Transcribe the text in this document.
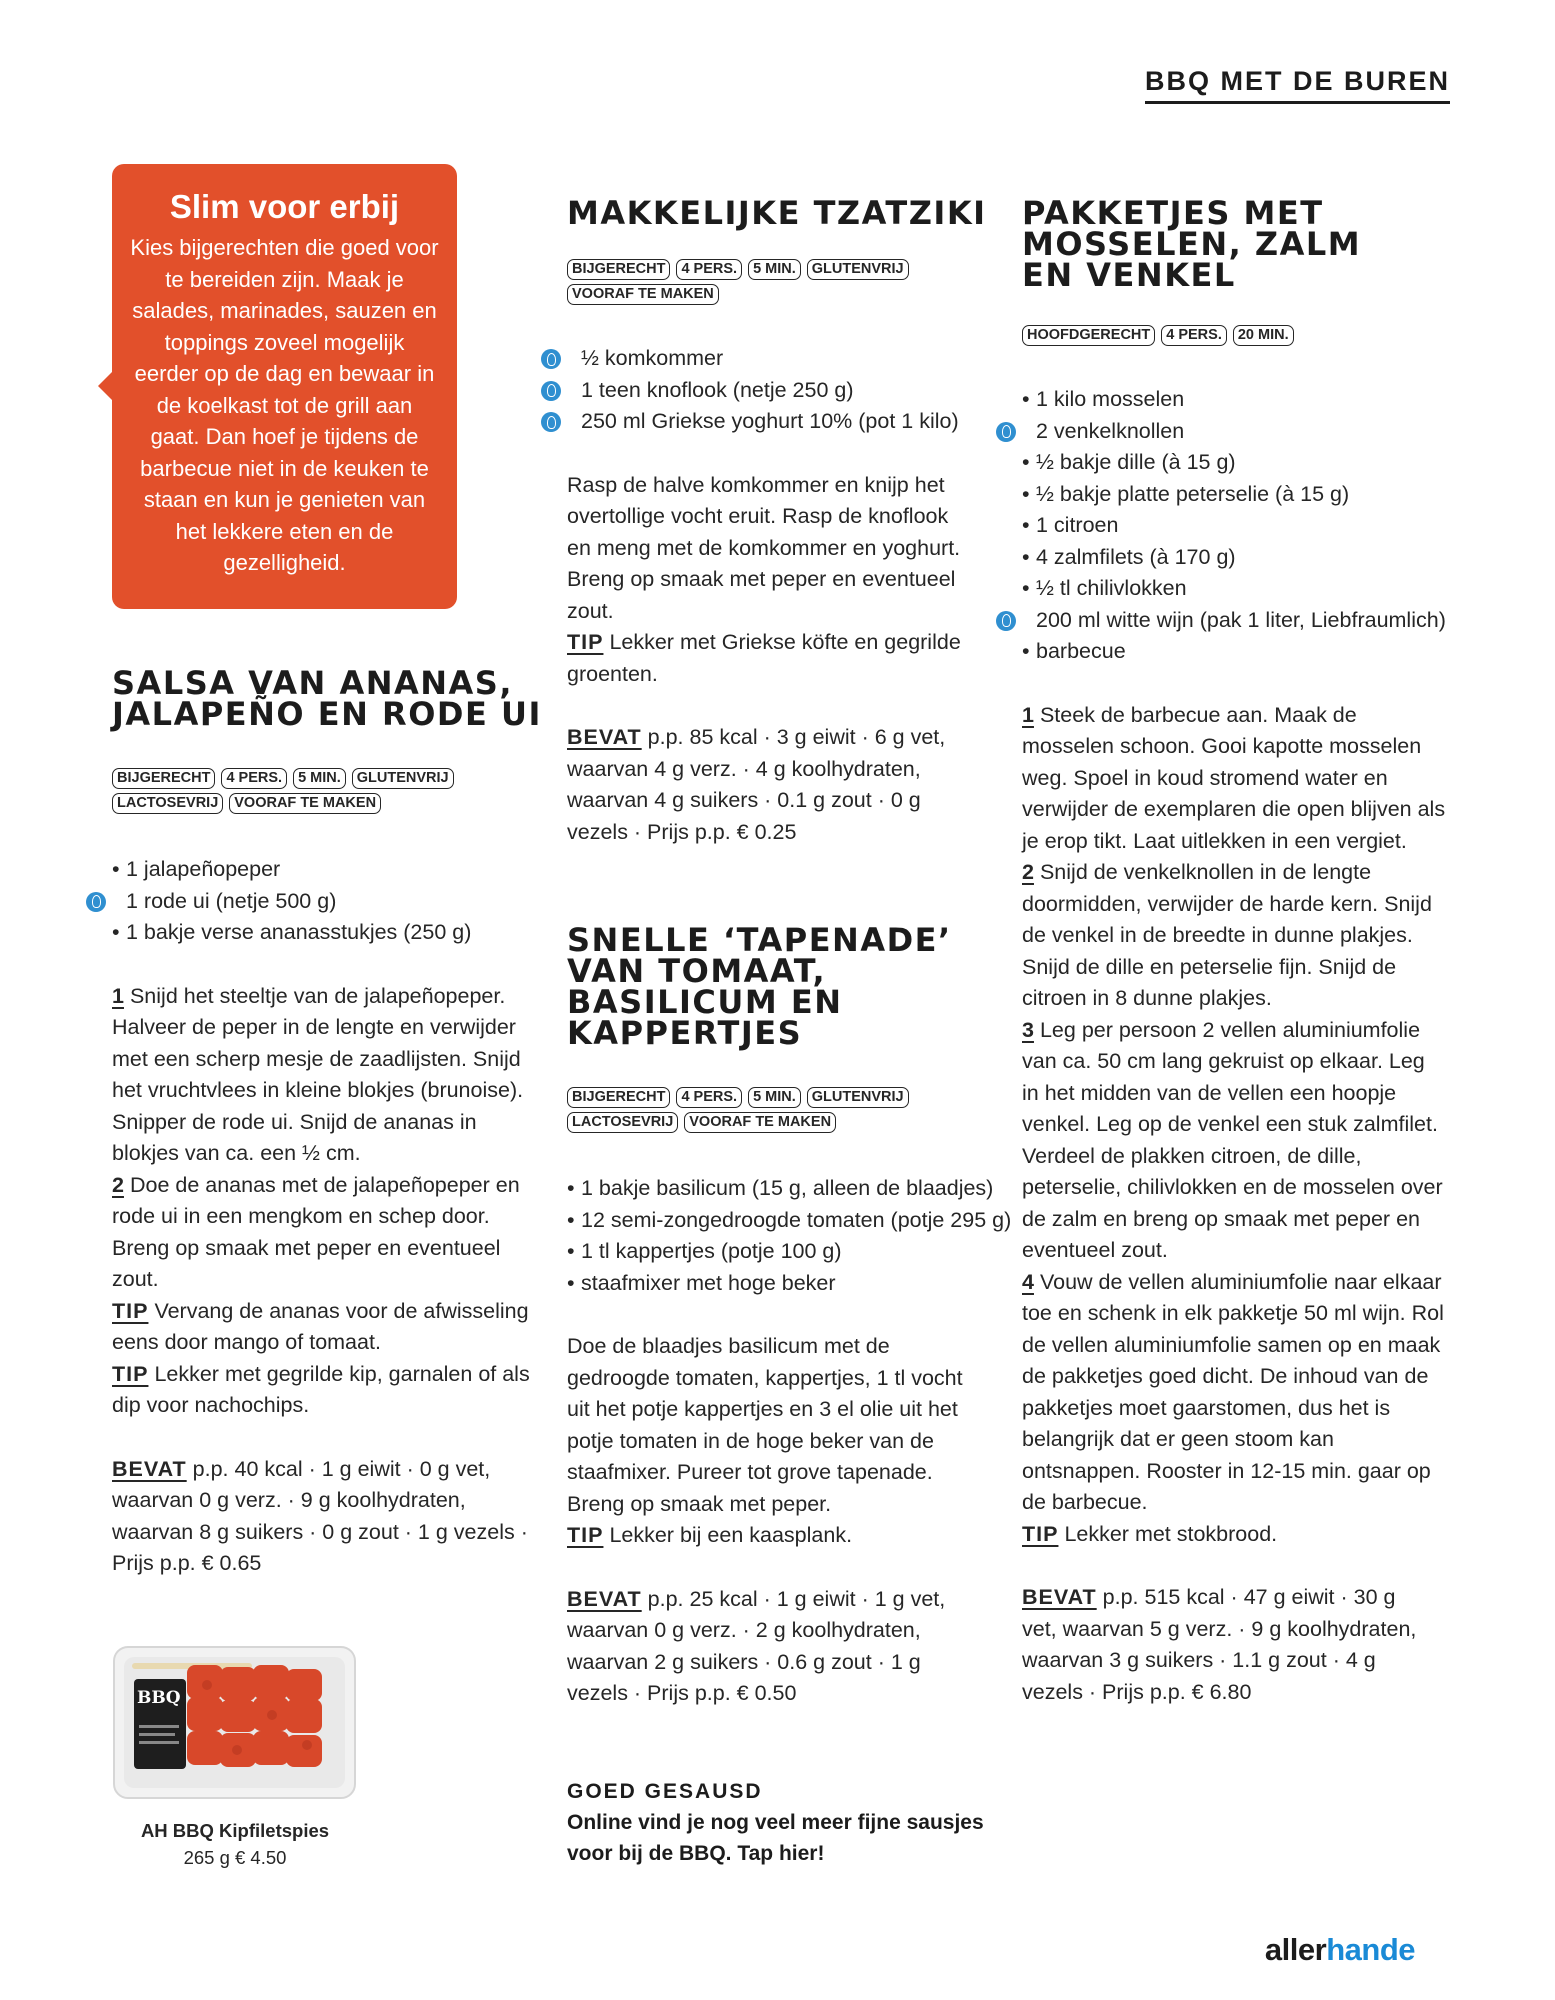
BBQ MET DE BUREN
Slim voor erbij

Kies bijgerechten die goed voor te bereiden zijn. Maak je salades, marinades, sauzen en toppings zoveel mogelijk eerder op de dag en bewaar in de koelkast tot de grill aan gaat. Dan hoef je tijdens de barbecue niet in de keuken te staan en kun je genieten van het lekkere eten en de gezelligheid.

SALSA VAN ANANAS, JALAPEÑO EN RODE UI
BIJGERECHT	4 PERS.	5 MIN.	GLUTENVRIJ
LACTOSEVRIJ	VOORAF TE MAKEN
• 1 jalapeñopeper
1 rode ui (netje 500 g)
• 1 bakje verse ananasstukjes (250 g)

1 Snijd het steeltje van de jalapeñopeper. Halveer de peper in de lengte en verwijder met een scherp mesje de zaadlijsten. Snijd het vruchtvlees in kleine blokjes (brunoise). Snipper de rode ui. Snijd de ananas in blokjes van ca. een ½ cm.

2 Doe de ananas met de jalapeñopeper en rode ui in een mengkom en schep door. Breng op smaak met peper en eventueel zout.

TIP Vervang de ananas voor de afwisseling eens door mango of tomaat.

TIP Lekker met gegrilde kip, garnalen of als dip voor nachochips.

BEVAT p.p. 40 kcal · 1 g eiwit · 0 g vet, waarvan 0 g verz. · 9 g koolhydraten, waarvan 8 g suikers · 0 g zout · 1 g vezels · Prijs p.p. € 0.65

BBQ
AH BBQ Kipfiletspies
265 g € 4.50
MAKKELIJKE TZATZIKI
BIJGERECHT	4 PERS.	5 MIN.	GLUTENVRIJ
VOORAF TE MAKEN
½ komkommer
1 teen knoflook (netje 250 g)
250 ml Griekse yoghurt 10% (pot 1 kilo)

Rasp de halve komkommer en knijp het overtollige vocht eruit. Rasp de knoflook en meng met de komkommer en yoghurt. Breng op smaak met peper en eventueel zout.

TIP Lekker met Griekse köfte en gegrilde groenten.

BEVAT p.p. 85 kcal · 3 g eiwit · 6 g vet, waarvan 4 g verz. · 4 g koolhydraten, waarvan 4 g suikers · 0.1 g zout · 0 g vezels · Prijs p.p. € 0.25

SNELLE ‘TAPENADE’ VAN TOMAAT, BASILICUM EN KAPPERTJES
BIJGERECHT	4 PERS.	5 MIN.	GLUTENVRIJ
LACTOSEVRIJ	VOORAF TE MAKEN
• 1 bakje basilicum (15 g, alleen de blaadjes)
• 12 semi-zongedroogde tomaten (potje 295 g)
• 1 tl kappertjes (potje 100 g)
• staafmixer met hoge beker

Doe de blaadjes basilicum met de gedroogde tomaten, kappertjes, 1 tl vocht uit het potje kappertjes en 3 el olie uit het potje tomaten in de hoge beker van de staafmixer. Pureer tot grove tapenade. Breng op smaak met peper.

TIP Lekker bij een kaasplank.

BEVAT p.p. 25 kcal · 1 g eiwit · 1 g vet, waarvan 0 g verz. · 2 g koolhydraten, waarvan 2 g suikers · 0.6 g zout · 1 g vezels · Prijs p.p. € 0.50

GOED GESAUSD
Online vind je nog veel meer fijne sausjes voor bij de BBQ. Tap hier!
PAKKETJES MET MOSSELEN, ZALM EN VENKEL
HOOFDGERECHT	4 PERS.	20 MIN.
• 1 kilo mosselen
2 venkelknollen
• ½ bakje dille (à 15 g)
• ½ bakje platte peterselie (à 15 g)
• 1 citroen
• 4 zalmfilets (à 170 g)
• ½ tl chilivlokken
200 ml witte wijn (pak 1 liter, Liebfraumlich)
• barbecue

1 Steek de barbecue aan. Maak de mosselen schoon. Gooi kapotte mosselen weg. Spoel in koud stromend water en verwijder de exemplaren die open blijven als je erop tikt. Laat uitlekken in een vergiet.

2 Snijd de venkelknollen in de lengte doormidden, verwijder de harde kern. Snijd de venkel in de breedte in dunne plakjes. Snijd de dille en peterselie fijn. Snijd de citroen in 8 dunne plakjes.

3 Leg per persoon 2 vellen aluminiumfolie van ca. 50 cm lang gekruist op elkaar. Leg in het midden van de vellen een hoopje venkel. Leg op de venkel een stuk zalmfilet. Verdeel de plakken citroen, de dille, peterselie, chilivlokken en de mosselen over de zalm en breng op smaak met peper en eventueel zout.

4 Vouw de vellen aluminiumfolie naar elkaar toe en schenk in elk pakketje 50 ml wijn. Rol de vellen aluminiumfolie samen op en maak de pakketjes goed dicht. De inhoud van de pakketjes moet gaarstomen, dus het is belangrijk dat er geen stoom kan ontsnappen. Rooster in 12-15 min. gaar op de barbecue.

TIP Lekker met stokbrood.

BEVAT p.p. 515 kcal · 47 g eiwit · 30 g vet, waarvan 5 g verz. · 9 g koolhydraten, waarvan 3 g suikers · 1.1 g zout · 4 g vezels · Prijs p.p. € 6.80

allerhande
